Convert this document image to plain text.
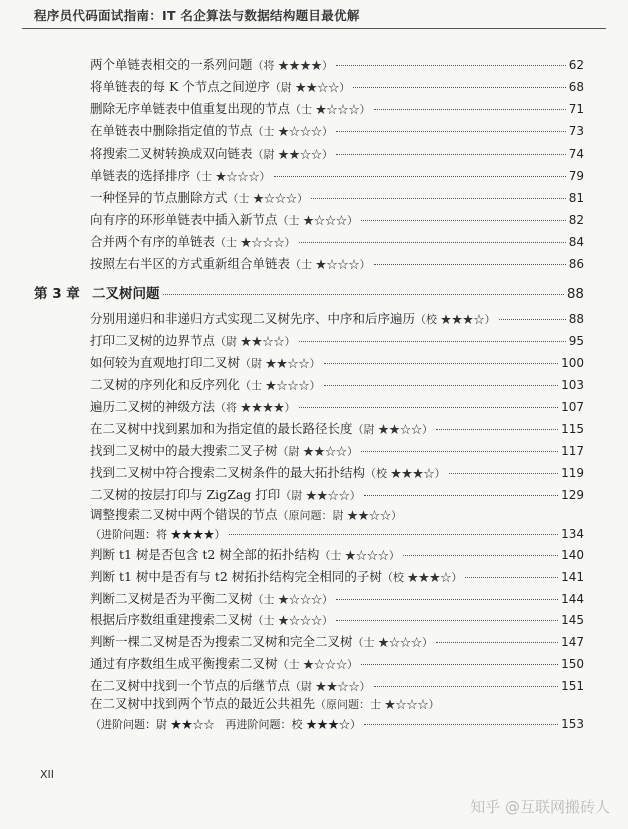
程序员代码面试指南：IT 名企算法与数据结构题目最优解
两个单链表相交的一系列问题 （将 ★★★★）	62
将单链表的每 K 个节点之间逆序 （尉 ★★☆☆）	68
删除无序单链表中值重复出现的节点 （士 ★☆☆☆）	71
在单链表中删除指定值的节点 （士 ★☆☆☆）	73
将搜索二叉树转换成双向链表 （尉 ★★☆☆）	74
单链表的选择排序 （士 ★☆☆☆）	79
一种怪异的节点删除方式 （士 ★☆☆☆）	81
向有序的环形单链表中插入新节点 （士 ★☆☆☆）	82
合并两个有序的单链表 （士 ★☆☆☆）	84
按照左右半区的方式重新组合单链表 （士 ★☆☆☆）	86
第 3 章 二叉树问题	88
分别用递归和非递归方式实现二叉树先序、中序和后序遍历 （校 ★★★☆）	88
打印二叉树的边界节点 （尉 ★★☆☆）	95
如何较为直观地打印二叉树 （尉 ★★☆☆）	100
二叉树的序列化和反序列化 （士 ★☆☆☆）	103
遍历二叉树的神级方法 （将 ★★★★）	107
在二叉树中找到累加和为指定值的最长路径长度 （尉 ★★☆☆）	115
找到二叉树中的最大搜索二叉子树 （尉 ★★☆☆）	117
找到二叉树中符合搜索二叉树条件的最大拓扑结构 （校 ★★★☆）	119
二叉树的按层打印与 ZigZag 打印 （尉 ★★☆☆）	129
调整搜索二叉树中两个错误的节点 （原问题：尉 ★★☆☆）
（进阶问题：将 ★★★★）	134
判断 t1 树是否包含 t2 树全部的拓扑结构 （士 ★☆☆☆）	140
判断 t1 树中是否有与 t2 树拓扑结构完全相同的子树 （校 ★★★☆）	141
判断二叉树是否为平衡二叉树 （士 ★☆☆☆）	144
根据后序数组重建搜索二叉树 （士 ★☆☆☆）	145
判断一棵二叉树是否为搜索二叉树和完全二叉树 （士 ★☆☆☆）	147
通过有序数组生成平衡搜索二叉树 （士 ★☆☆☆）	150
在二叉树中找到一个节点的后继节点 （尉 ★★☆☆）	151
在二叉树中找到两个节点的最近公共祖先 （原问题：士 ★☆☆☆）
（进阶问题：尉 ★★☆☆　再进阶问题：校 ★★★☆）	153
XII
知乎 @互联网搬砖人
